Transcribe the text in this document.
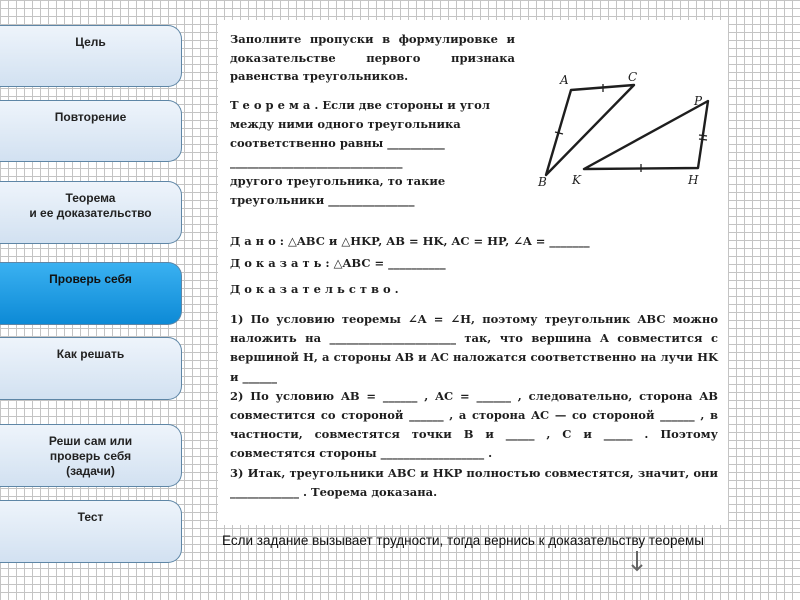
Цель
Повторение
Теорема
и ее доказательство
Проверь себя
Как решать
Реши сам или
проверь себя
(задачи)
Тест

Заполните пропуски в формулировке и доказательстве первого признака равенства треугольников.

Т е о р е м а . Если две стороны и угол между ними одного треугольника соответственно равны __________

______________________________

другого треугольника, то такие

треугольники _______________

A	C
B
P
K	H

Д а н о : △ABC и △HKP, AB = HK, AC = HP, ∠A = _______

Д о к а з а т ь : △ABC = __________

Д о к а з а т е л ь с т в о .

1) По условию теоремы ∠A = ∠H, поэтому треугольник ABC можно наложить на ______________________ так, что вершина A совместится с вершиной H, а стороны AB и AC наложатся соответственно на лучи HK и ______

2) По условию AB = ______ , AC = ______ , следовательно, сторона AB совместится со стороной ______ , а сторона AC — со стороной ______ , в частности, совместятся точки B и _____ , C и _____ . Поэтому совместятся стороны __________________ .

3) Итак, треугольники ABC и HKP полностью совместятся, значит, они ____________ . Теорема доказана.

Если задание вызывает трудности, тогда вернись к доказательству теоремы
